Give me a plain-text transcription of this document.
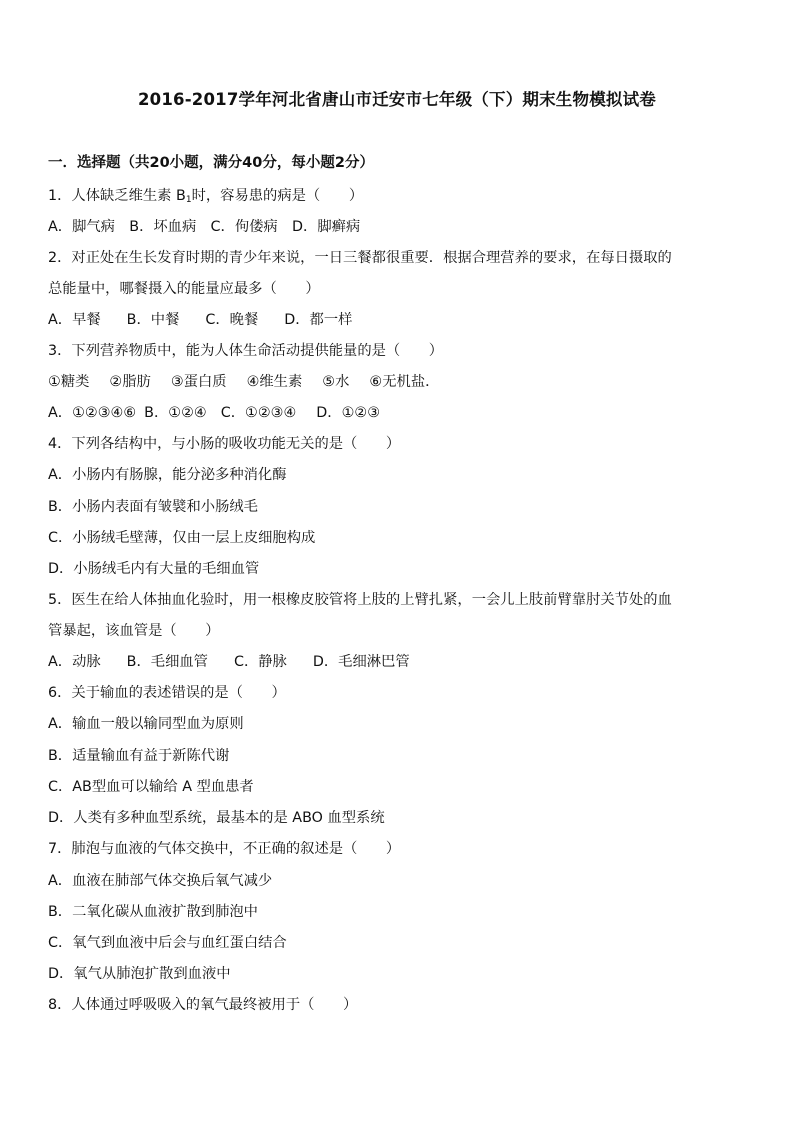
2016-2017学年河北省唐山市迁安市七年级（下）期末生物模拟试卷
一．选择题（共20小题，满分40分，每小题2分）
1．人体缺乏维生素 $B_1$时，容易患的病是（　　）
A．脚气病　B．坏血病　C．佝偻病　D．脚癣病
2．对正处在生长发育时期的青少年来说，一日三餐都很重要．根据合理营养的要求，在每日摄取的
总能量中，哪餐摄入的能量应最多（　　）
A．早餐 B．中餐 C．晚餐 D．都一样
3．下列营养物质中，能为人体生命活动提供能量的是（　　）
①糖类 ②脂肪 ③蛋白质 ④维生素 ⑤水 ⑥无机盐．
A．①②③④⑥ B．①②④ C．①②③④ D．①②③
4．下列各结构中，与小肠的吸收功能无关的是（　　）
A．小肠内有肠腺，能分泌多种消化酶
B．小肠内表面有皱襞和小肠绒毛
C．小肠绒毛壁薄，仅由一层上皮细胞构成
D．小肠绒毛内有大量的毛细血管
5．医生在给人体抽血化验时，用一根橡皮胶管将上肢的上臂扎紧，一会儿上肢前臂靠肘关节处的血
管暴起，该血管是（　　）
A．动脉 B．毛细血管 C．静脉 D．毛细淋巴管
6．关于输血的表述错误的是（　　）
A．输血一般以输同型血为原则
B．适量输血有益于新陈代谢
C．AB型血可以输给 A 型血患者
D．人类有多种血型系统，最基本的是 ABO 血型系统
7．肺泡与血液的气体交换中，不正确的叙述是（　　）
A．血液在肺部气体交换后氧气减少
B．二氧化碳从血液扩散到肺泡中
C．氧气到血液中后会与血红蛋白结合
D．氧气从肺泡扩散到血液中
8．人体通过呼吸吸入的氧气最终被用于（　　）
